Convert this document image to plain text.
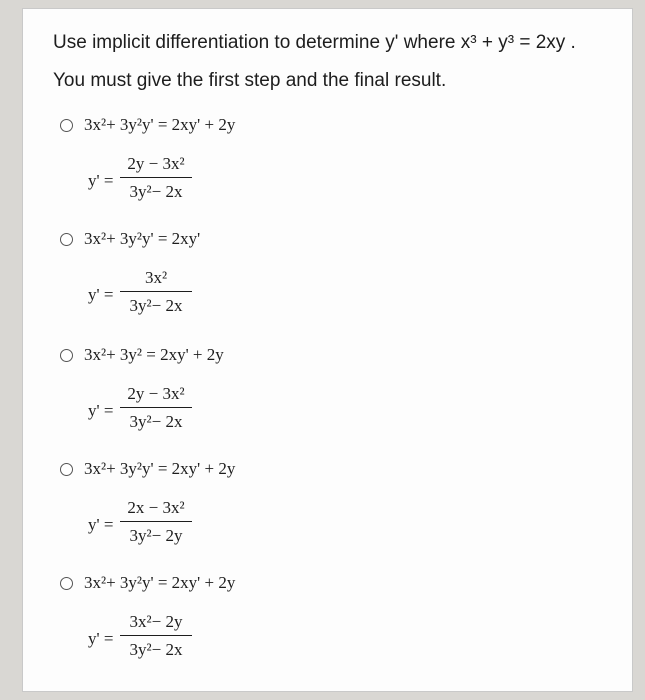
Use implicit differentiation to determine y' where x³ + y³ = 2xy .
You must give the first step and the final result.
3x²+ 3y²y' = 2xy' + 2y
y' =
2y − 3x²
3y²− 2x
3x²+ 3y²y' = 2xy'
y' =
3x²
3y²− 2x
3x²+ 3y² = 2xy' + 2y
y' =
2y − 3x²
3y²− 2x
3x²+ 3y²y' = 2xy' + 2y
y' =
2x − 3x²
3y²− 2y
3x²+ 3y²y' = 2xy' + 2y
y' =
3x²− 2y
3y²− 2x
